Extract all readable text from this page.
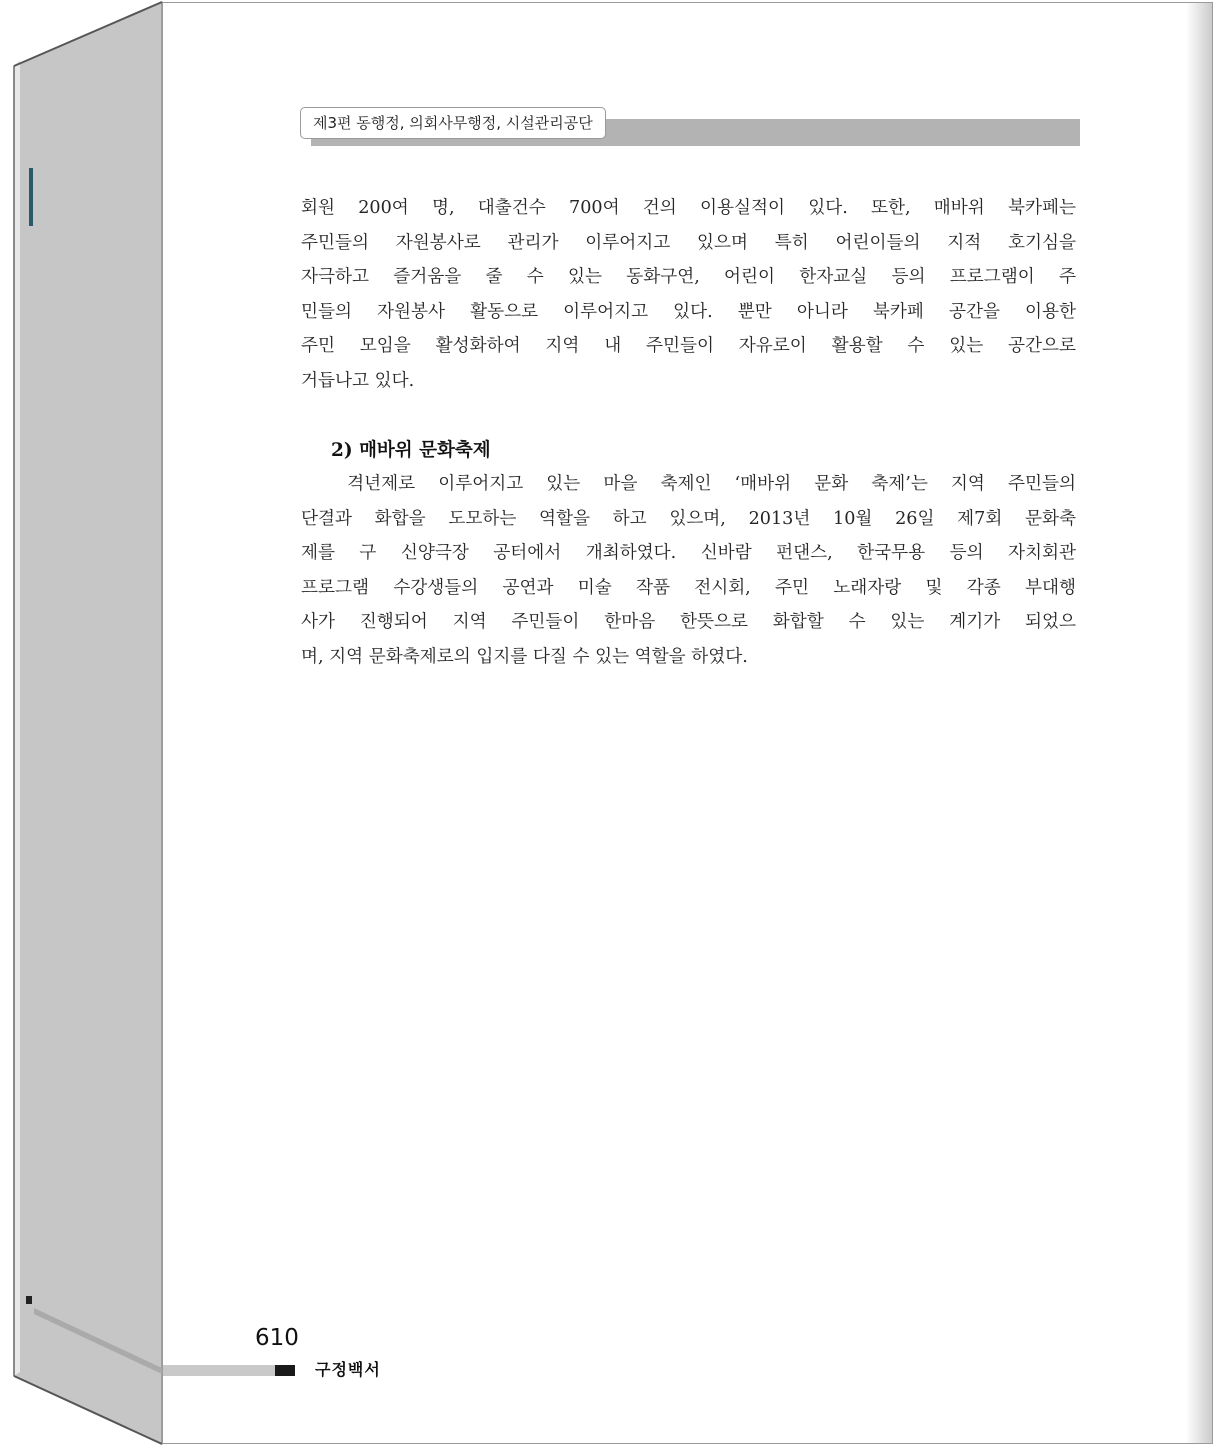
제3편 동행정, 의회사무행정, 시설관리공단
회원 200여 명, 대출건수 700여 건의 이용실적이 있다. 또한, 매바위 북카페는
주민들의 자원봉사로 관리가 이루어지고 있으며 특히 어린이들의 지적 호기심을
자극하고 즐거움을 줄 수 있는 동화구연, 어린이 한자교실 등의 프로그램이 주
민들의 자원봉사 활동으로 이루어지고 있다. 뿐만 아니라 북카페 공간을 이용한
주민 모임을 활성화하여 지역 내 주민들이 자유로이 활용할 수 있는 공간으로
거듭나고 있다.
2) 매바위 문화축제
격년제로 이루어지고 있는 마을 축제인 ‘매바위 문화 축제’는 지역 주민들의
단결과 화합을 도모하는 역할을 하고 있으며, 2013년 10월 26일 제7회 문화축
제를 구 신양극장 공터에서 개최하였다. 신바람 펀댄스, 한국무용 등의 자치회관
프로그램 수강생들의 공연과 미술 작품 전시회, 주민 노래자랑 및 각종 부대행
사가 진행되어 지역 주민들이 한마음 한뜻으로 화합할 수 있는 계기가 되었으
며, 지역 문화축제로의 입지를 다질 수 있는 역할을 하였다.
610
구정백서
